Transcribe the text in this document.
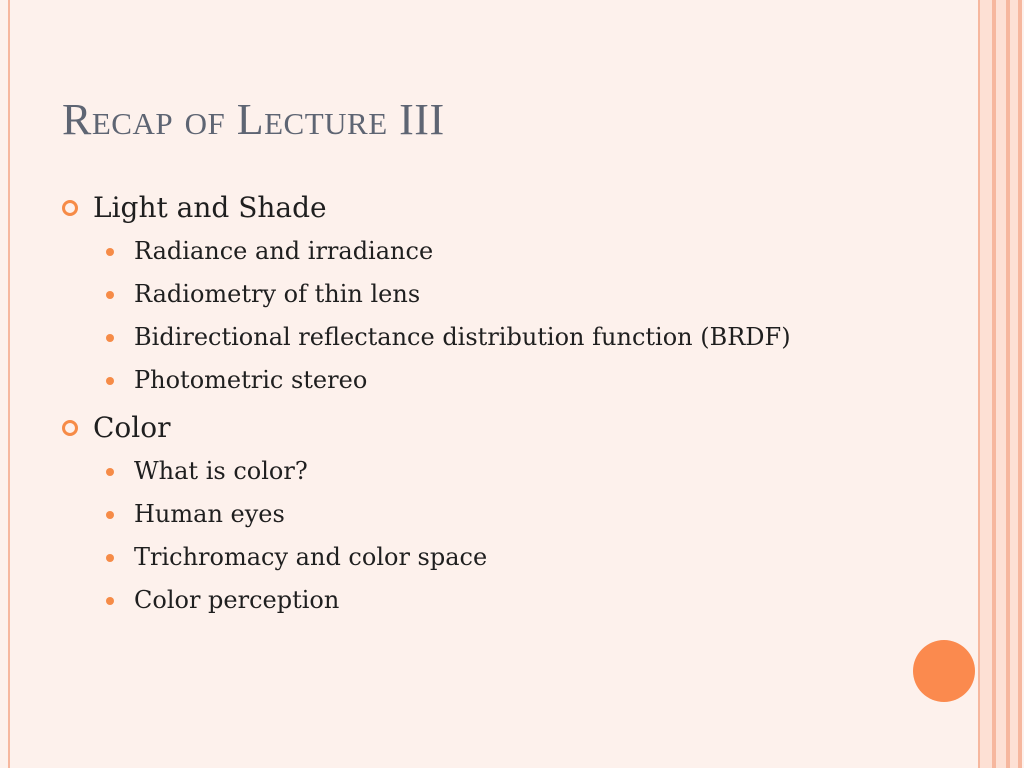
Recap of Lecture III
Light and Shade
Radiance and irradiance
Radiometry of thin lens
Bidirectional reflectance distribution function (BRDF)
Photometric stereo
Color
What is color?
Human eyes
Trichromacy and color space
Color perception
